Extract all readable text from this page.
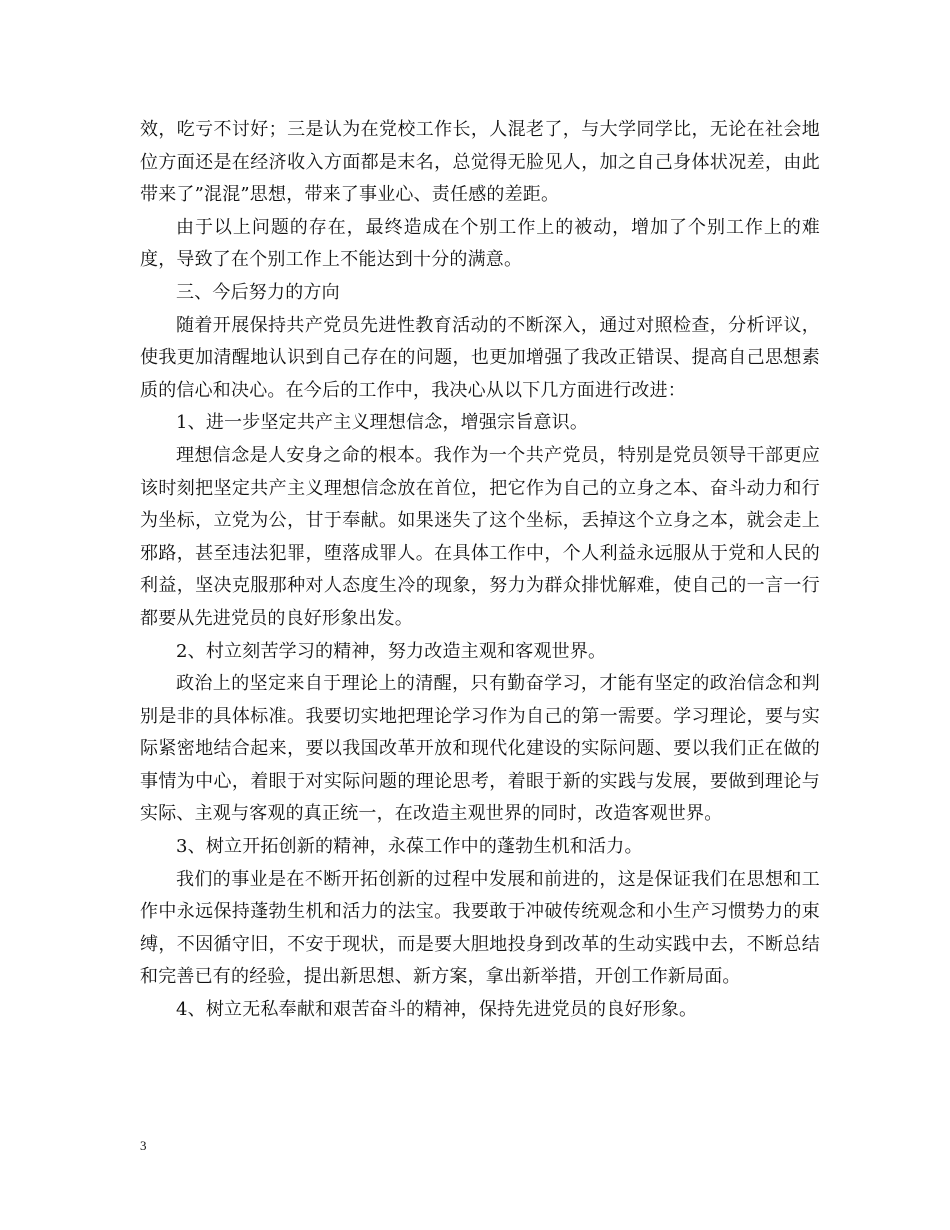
效，吃亏不讨好；三是认为在党校工作长，人混老了，与大学同学比，无论在社会地位方面还是在经济收入方面都是末名，总觉得无脸见人，加之自己身体状况差，由此带来了”混混”思想，带来了事业心、责任感的差距。

由于以上问题的存在，最终造成在个别工作上的被动，增加了个别工作上的难度，导致了在个别工作上不能达到十分的满意。

三、今后努力的方向

随着开展保持共产党员先进性教育活动的不断深入，通过对照检查，分析评议，使我更加清醒地认识到自己存在的问题，也更加增强了我改正错误、提高自己思想素质的信心和决心。在今后的工作中，我决心从以下几方面进行改进：

1、进一步坚定共产主义理想信念，增强宗旨意识。

理想信念是人安身之命的根本。我作为一个共产党员，特别是党员领导干部更应该时刻把坚定共产主义理想信念放在首位，把它作为自己的立身之本、奋斗动力和行为坐标，立党为公，甘于奉献。如果迷失了这个坐标，丢掉这个立身之本，就会走上邪路，甚至违法犯罪，堕落成罪人。在具体工作中，个人利益永远服从于党和人民的利益，坚决克服那种对人态度生冷的现象，努力为群众排忧解难，使自己的一言一行都要从先进党员的良好形象出发。

2、村立刻苦学习的精神，努力改造主观和客观世界。

政治上的坚定来自于理论上的清醒，只有勤奋学习，才能有坚定的政治信念和判别是非的具体标准。我要切实地把理论学习作为自己的第一需要。学习理论，要与实际紧密地结合起来，要以我国改革开放和现代化建设的实际问题、要以我们正在做的事情为中心，着眼于对实际问题的理论思考，着眼于新的实践与发展，要做到理论与实际、主观与客观的真正统一，在改造主观世界的同时，改造客观世界。

3、树立开拓创新的精神，永葆工作中的蓬勃生机和活力。

我们的事业是在不断开拓创新的过程中发展和前进的，这是保证我们在思想和工作中永远保持蓬勃生机和活力的法宝。我要敢于冲破传统观念和小生产习惯势力的束缚，不因循守旧，不安于现状，而是要大胆地投身到改革的生动实践中去，不断总结和完善已有的经验，提出新思想、新方案，拿出新举措，开创工作新局面。

4、树立无私奉献和艰苦奋斗的精神，保持先进党员的良好形象。

3
